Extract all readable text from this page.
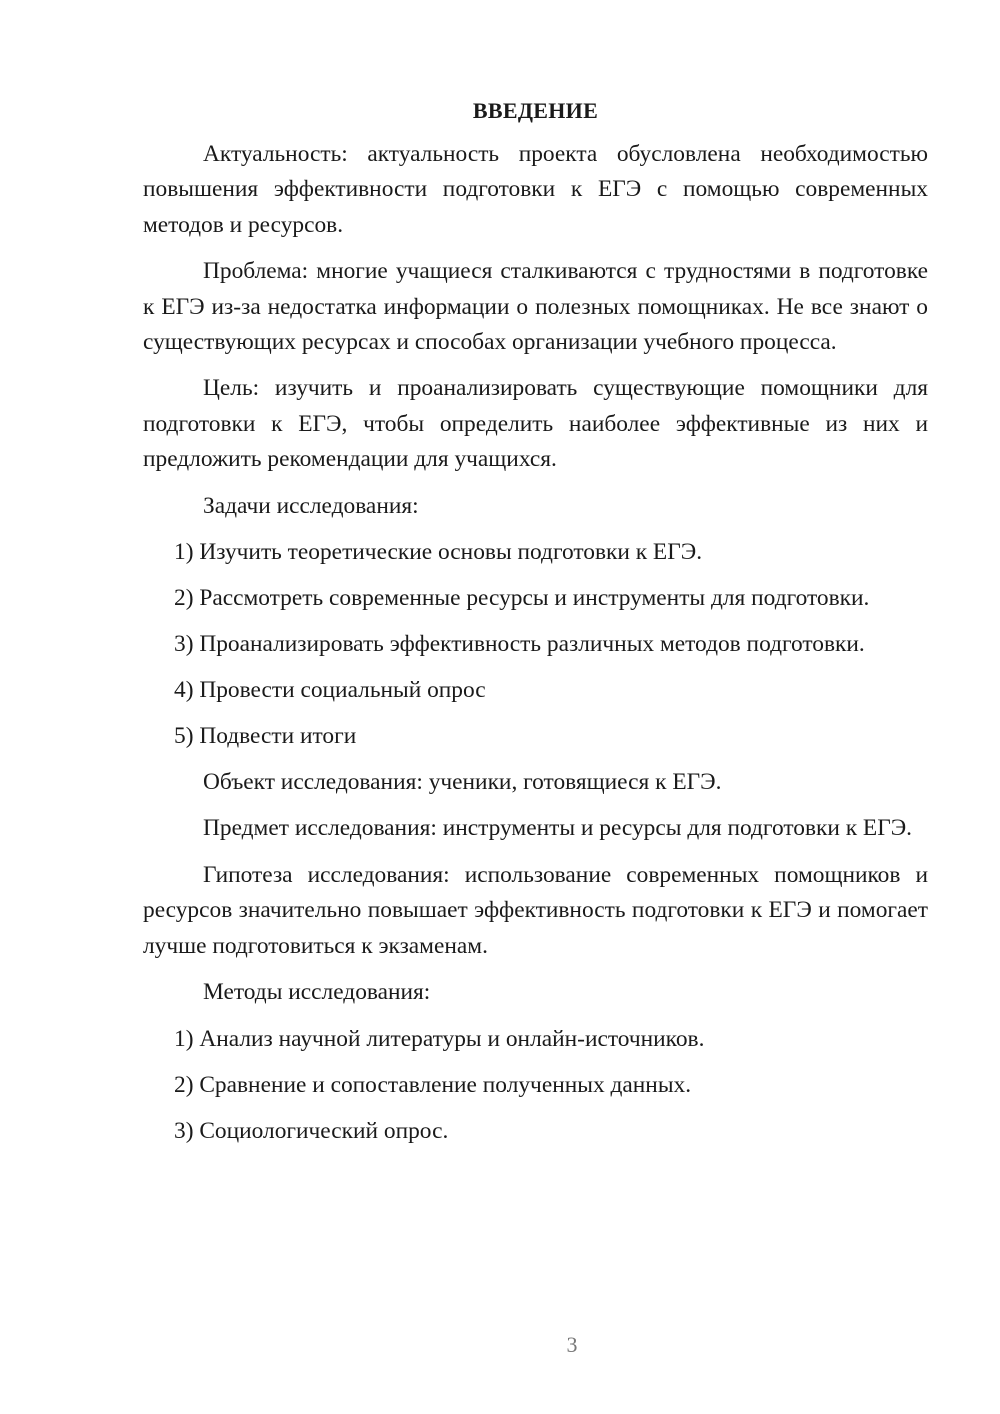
ВВЕДЕНИЕ

Актуальность: актуальность проекта обусловлена необходимостью повышения эффективности подготовки к ЕГЭ с помощью современных методов и ресурсов.

Проблема: многие учащиеся сталкиваются с трудностями в подготовке к ЕГЭ из-за недостатка информации о полезных помощниках. Не все знают о существующих ресурсах и способах организации учебного процесса.

Цель: изучить и проанализировать существующие помощники для подготовки к ЕГЭ, чтобы определить наиболее эффективные из них и предложить рекомендации для учащихся.

Задачи исследования:

1) Изучить теоретические основы подготовки к ЕГЭ.
2) Рассмотреть современные ресурсы и инструменты для подготовки.
3) Проанализировать эффективность различных методов подготовки.
4) Провести социальный опрос
5) Подвести итоги

Объект исследования: ученики, готовящиеся к ЕГЭ.

Предмет исследования: инструменты и ресурсы для подготовки к ЕГЭ.

Гипотеза исследования: использование современных помощников и ресурсов значительно повышает эффективность подготовки к ЕГЭ и помогает лучше подготовиться к экзаменам.

Методы исследования:

1) Анализ научной литературы и онлайн-источников.
2) Сравнение и сопоставление полученных данных.
3) Социологический опрос.
3
